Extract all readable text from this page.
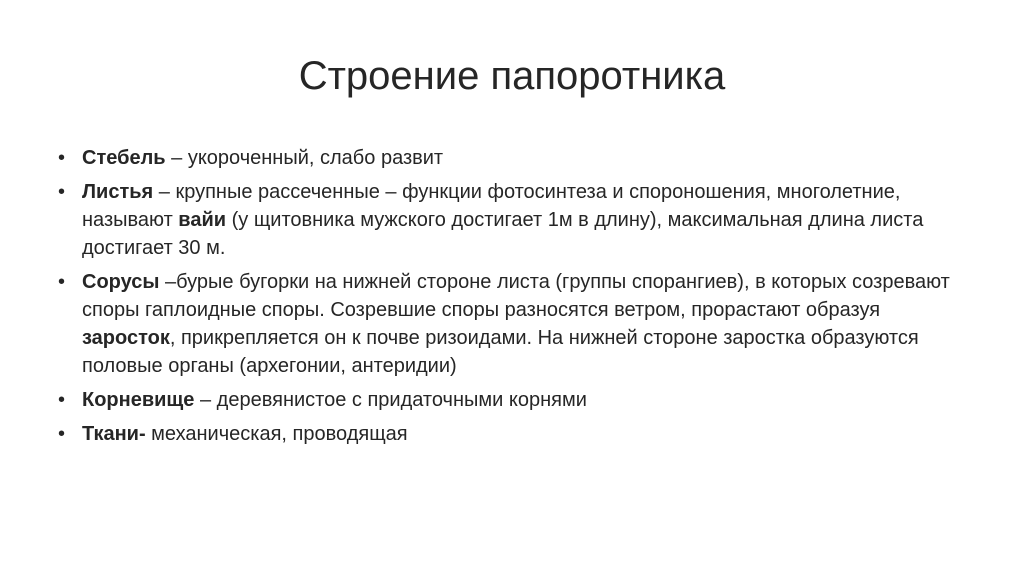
Строение папоротника
• Стебель – укороченный, слабо развит
• Листья – крупные рассеченные – функции фотосинтеза и спороношения, многолетние, называют вайи (у щитовника мужского достигает 1м в длину), максимальная длина листа достигает 30 м.
• Сорусы –бурые бугорки на нижней стороне листа (группы спорангиев), в которых созревают споры гаплоидные споры. Созревшие споры разносятся ветром, прорастают образуя заросток, прикрепляется он к почве ризоидами. На нижней стороне заростка образуются половые органы (архегонии, антеридии)
• Корневище – деревянистое с придаточными корнями
• Ткани- механическая, проводящая
